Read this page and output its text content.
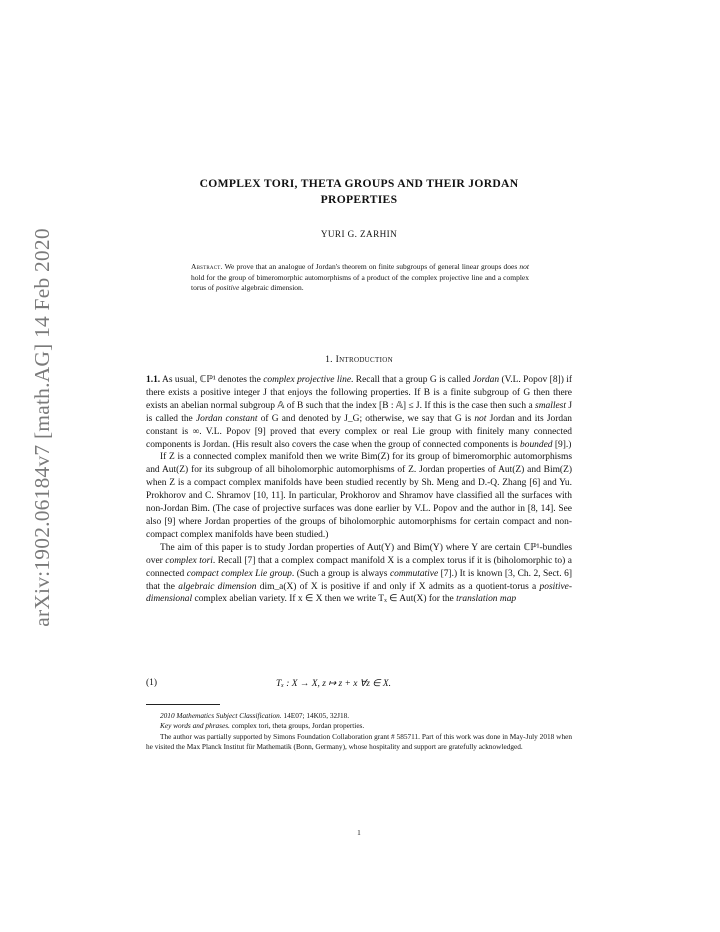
arXiv:1902.06184v7 [math.AG] 14 Feb 2020
COMPLEX TORI, THETA GROUPS AND THEIR JORDAN
PROPERTIES
YURI G. ZARHIN
Abstract. We prove that an analogue of Jordan's theorem on finite subgroups of general linear groups does not hold for the group of bimeromorphic automorphisms of a product of the complex projective line and a complex torus of positive algebraic dimension.
1. Introduction

1.1. As usual, ℂℙ¹ denotes the complex projective line. Recall that a group G is called Jordan (V.L. Popov [8]) if there exists a positive integer J that enjoys the following properties. If B is a finite subgroup of G then there exists an abelian normal subgroup 𝔸 of B such that the index [B : 𝔸] ≤ J. If this is the case then such a smallest J is called the Jordan constant of G and denoted by J_G; otherwise, we say that G is not Jordan and its Jordan constant is ∞. V.L. Popov [9] proved that every complex or real Lie group with finitely many connected components is Jordan. (His result also covers the case when the group of connected components is bounded [9].)

If Z is a connected complex manifold then we write Bim(Z) for its group of bimeromorphic automorphisms and Aut(Z) for its subgroup of all biholomorphic automorphisms of Z. Jordan properties of Aut(Z) and Bim(Z) when Z is a compact complex manifolds have been studied recently by Sh. Meng and D.-Q. Zhang [6] and Yu. Prokhorov and C. Shramov [10, 11]. In particular, Prokhorov and Shramov have classified all the surfaces with non-Jordan Bim. (The case of projective surfaces was done earlier by V.L. Popov and the author in [8, 14]. See also [9] where Jordan properties of the groups of biholomorphic automorphisms for certain compact and non-compact complex manifolds have been studied.)

The aim of this paper is to study Jordan properties of Aut(Y) and Bim(Y) where Y are certain ℂℙ¹-bundles over complex tori. Recall [7] that a complex compact manifold X is a complex torus if it is (biholomorphic to) a connected compact complex Lie group. (Such a group is always commutative [7].) It is known [3, Ch. 2, Sect. 6] that the algebraic dimension dim_a(X) of X is positive if and only if X admits as a quotient-torus a positive-dimensional complex abelian variety. If x ∈ X then we write Tₓ ∈ Aut(X) for the translation map

(1)	Tₓ : X → X, z ↦ z + x ∀z ∈ X.

2010 Mathematics Subject Classification. 14E07; 14K05, 32J18.

Key words and phrases. complex tori, theta groups, Jordan properties.

The author was partially supported by Simons Foundation Collaboration grant # 585711. Part of this work was done in May-July 2018 when he visited the Max Planck Institut für Mathematik (Bonn, Germany), whose hospitality and support are gratefully acknowledged.

1
